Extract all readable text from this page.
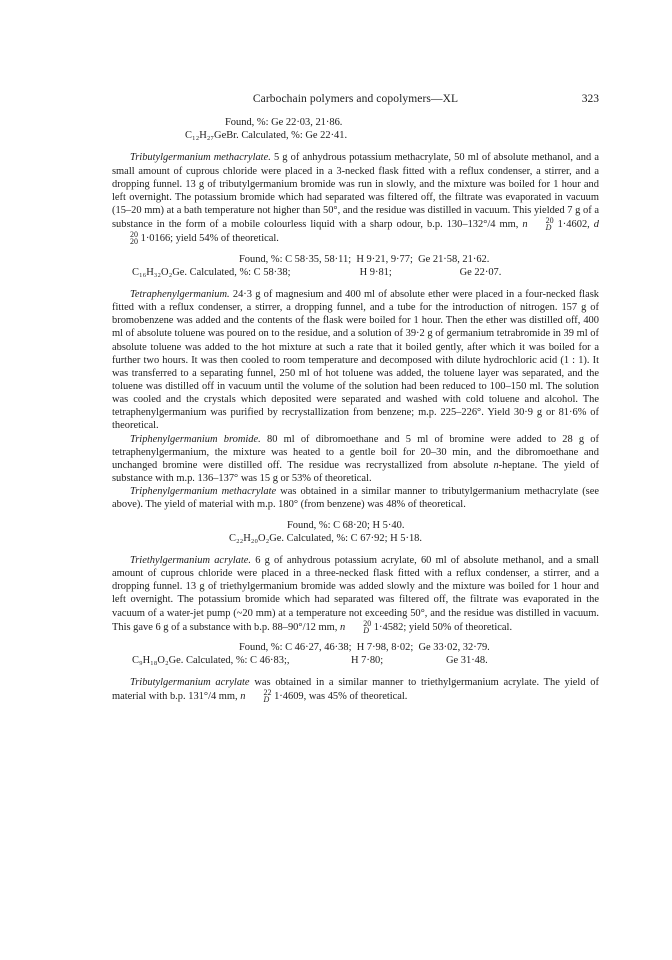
Carbochain polymers and copolymers—XL	323
Found, %: Ge 22·03, 21·86.
C₁₂H₂₇GeBr.
Calculated, %: Ge 22·41.

Tributylgermanium methacrylate. 5 g of anhydrous potassium methacrylate, 50 ml of absolute methanol, and a small amount of cuprous chloride were placed in a 3-necked flask fitted with a reflux condenser, a stirrer, and a dropping funnel. 13 g of tributylgermanium bromide was run in slowly, and the mixture was boiled for 1 hour and left overnight. The potassium bromide which had separated was filtered off, the filtrate was evaporated in vacuum (15–20 mm) at a bath temperature not higher than 50°, and the residue was distilled in vacuum. This yielded 7 g of a substance in the form of a mobile colourless liquid with a sharp odour, b.p. 130–132°/4 mm, n	20
D 1·4602, d
20
20 1·0166; yield 54% of theoretical.

Found, %: C 58·35, 58·11;  H 9·21, 9·77;  Ge 21·58, 21·62.
C₁₆H₃₂O₂Ge.
Calculated, %: C 58·38;	H 9·81;	Ge 22·07.

Tetraphenylgermanium. 24·3 g of magnesium and 400 ml of absolute ether were placed in a four-necked flask fitted with a reflux condenser, a stirrer, a dropping funnel, and a tube for the introduction of nitrogen. 157 g of bromobenzene was added and the contents of the flask were boiled for 1 hour. Then the ether was distilled off, 400 ml of absolute toluene was poured on to the residue, and a solution of 39·2 g of germanium tetrabromide in 39 ml of absolute toluene was added to the hot mixture at such a rate that it boiled gently, after which it was boiled for a further two hours. It was then cooled to room temperature and decomposed with dilute hydrochloric acid (1 : 1). It was transferred to a separating funnel, 250 ml of hot toluene was added, the toluene layer was separated, and the toluene was distilled off in vacuum until the volume of the solution had been reduced to 100–150 ml. The solution was cooled and the crystals which deposited were separated and washed with cold toluene and alcohol. The tetraphenylgermanium was purified by recrystallization from benzene; m.p. 225–226°. Yield 30·9 g or 81·6% of theoretical.

Triphenylgermanium bromide. 80 ml of dibromoethane and 5 ml of bromine were added to 28 g of tetraphenylgermanium, the mixture was heated to a gentle boil for 20–30 min, and the dibromoethane and unchanged bromine were distilled off. The residue was recrystallized from absolute n-heptane. The yield of substance with m.p. 136–137° was 15 g or 53% of theoretical.

Triphenylgermanium methacrylate was obtained in a similar manner to tributylgermanium methacrylate (see above). The yield of material with m.p. 180° (from benzene) was 48% of theoretical.

Found, %: C 68·20; H 5·40.
C₂₂H₂₀O₂Ge.
Calculated, %: C 67·92; H 5·18.

Triethylgermanium acrylate. 6 g of anhydrous potassium acrylate, 60 ml of absolute methanol, and a small amount of cuprous chloride were placed in a three-necked flask fitted with a reflux condenser, a stirrer, and a dropping funnel. 13 g of triethylgermanium bromide was added slowly and the mixture was boiled for 1 hour and left overnight. The potassium bromide which had separated was filtered off, the filtrate was evaporated in the vacuum of a water-jet pump (~20 mm) at a temperature not exceeding 50°, and the residue was distilled in vacuum. This gave 6 g of a substance with b.p. 88–90°/12 mm, n	20
D 1·4582; yield 50% of theoretical.

Found, %: C 46·27, 46·38;  H 7·98, 8·02;  Ge 33·02, 32·79.
C₉H₁₈O₂Ge.
Calculated, %: C 46·83;,	H 7·80;	Ge 31·48.

Tributylgermanium acrylate was obtained in a similar manner to triethylgermanium acrylate. The yield of material with b.p. 131°/4 mm, n	22
D 1·4609, was 45% of theoretical.
